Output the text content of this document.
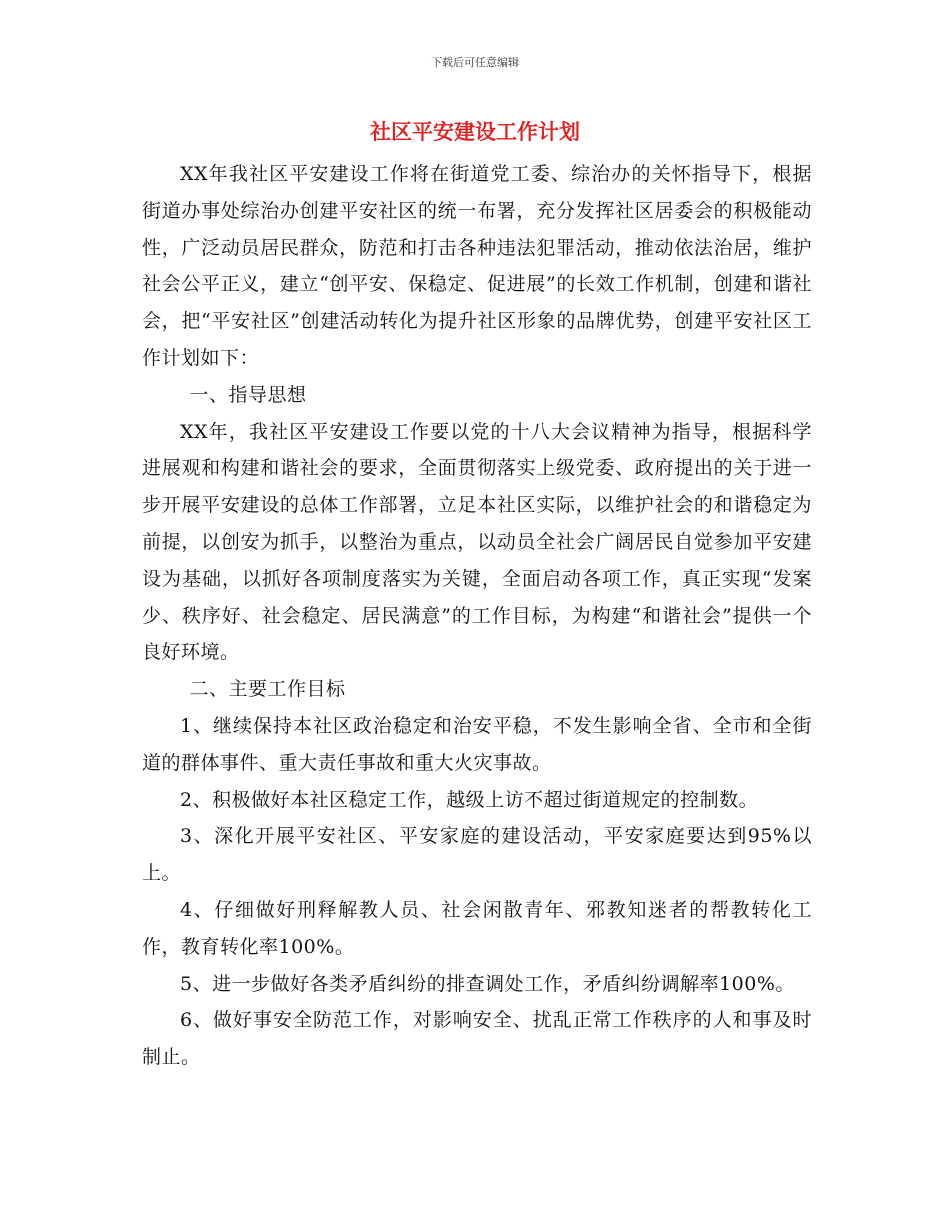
下载后可任意编辑
社区平安建设工作计划

XX年我社区平安建设工作将在街道党工委、综治办的关怀指导下，根据街道办事处综治办创建平安社区的统一布署，充分发挥社区居委会的积极能动性，广泛动员居民群众，防范和打击各种违法犯罪活动，推动依法治居，维护社会公平正义，建立“创平安、保稳定、促进展”的长效工作机制，创建和谐社会，把“平安社区”创建活动转化为提升社区形象的品牌优势，创建平安社区工作计划如下：

一、指导思想

XX年，我社区平安建设工作要以党的十八大会议精神为指导，根据科学进展观和构建和谐社会的要求，全面贯彻落实上级党委、政府提出的关于进一步开展平安建设的总体工作部署，立足本社区实际，以维护社会的和谐稳定为前提，以创安为抓手，以整治为重点，以动员全社会广阔居民自觉参加平安建设为基础，以抓好各项制度落实为关键，全面启动各项工作，真正实现“发案少、秩序好、社会稳定、居民满意”的工作目标，为构建“和谐社会”提供一个良好环境。

二、主要工作目标

1、继续保持本社区政治稳定和治安平稳，不发生影响全省、全市和全街道的群体事件、重大责任事故和重大火灾事故。

2、积极做好本社区稳定工作，越级上访不超过街道规定的控制数。

3、深化开展平安社区、平安家庭的建设活动，平安家庭要达到95%以上。

4、仔细做好刑释解教人员、社会闲散青年、邪教知迷者的帮教转化工作，教育转化率100%。

5、进一步做好各类矛盾纠纷的排查调处工作，矛盾纠纷调解率100%。

6、做好事安全防范工作，对影响安全、扰乱正常工作秩序的人和事及时制止。
